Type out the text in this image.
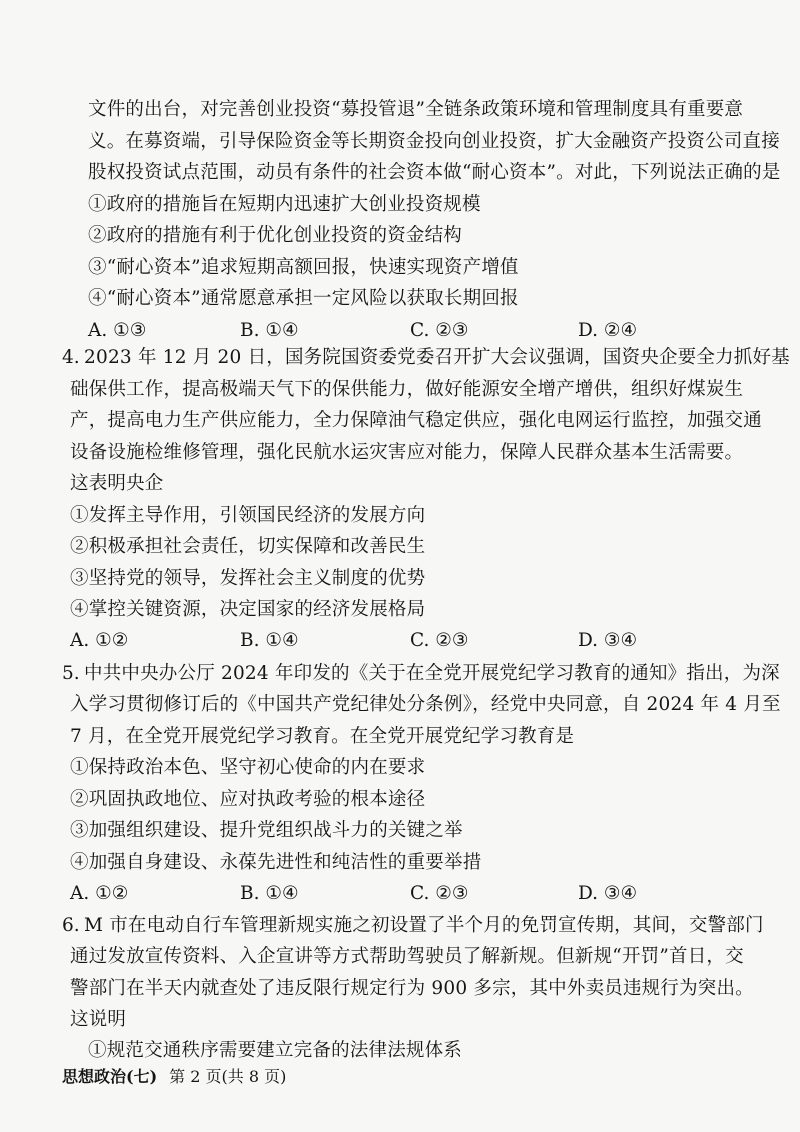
文件的出台，对完善创业投资“募投管退”全链条政策环境和管理制度具有重要意
义。在募资端，引导保险资金等长期资金投向创业投资，扩大金融资产投资公司直接
股权投资试点范围，动员有条件的社会资本做“耐心资本”。对此，下列说法正确的是
①政府的措施旨在短期内迅速扩大创业投资规模
②政府的措施有利于优化创业投资的资金结构
③“耐心资本”追求短期高额回报，快速实现资产增值
④“耐心资本”通常愿意承担一定风险以获取长期回报
A. ①③	B. ①④	C. ②③	D. ②④
4. 2023 年 12 月 20 日，国务院国资委党委召开扩大会议强调，国资央企要全力抓好基
础保供工作，提高极端天气下的保供能力，做好能源安全增产增供，组织好煤炭生
产，提高电力生产供应能力，全力保障油气稳定供应，强化电网运行监控，加强交通
设备设施检维修管理，强化民航水运灾害应对能力，保障人民群众基本生活需要。
这表明央企
①发挥主导作用，引领国民经济的发展方向
②积极承担社会责任，切实保障和改善民生
③坚持党的领导，发挥社会主义制度的优势
④掌控关键资源，决定国家的经济发展格局
A. ①②	B. ①④	C. ②③	D. ③④
5. 中共中央办公厅 2024 年印发的《关于在全党开展党纪学习教育的通知》指出，为深
入学习贯彻修订后的《中国共产党纪律处分条例》，经党中央同意，自 2024 年 4 月至
7 月，在全党开展党纪学习教育。在全党开展党纪学习教育是
①保持政治本色、坚守初心使命的内在要求
②巩固执政地位、应对执政考验的根本途径
③加强组织建设、提升党组织战斗力的关键之举
④加强自身建设、永葆先进性和纯洁性的重要举措
A. ①②	B. ①④	C. ②③	D. ③④
6. M 市在电动自行车管理新规实施之初设置了半个月的免罚宣传期，其间，交警部门
通过发放宣传资料、入企宣讲等方式帮助驾驶员了解新规。但新规“开罚”首日，交
警部门在半天内就查处了违反限行规定行为 900 多宗，其中外卖员违规行为突出。
这说明
①规范交通秩序需要建立完备的法律法规体系
思想政治(七) 第 2 页(共 8 页)
